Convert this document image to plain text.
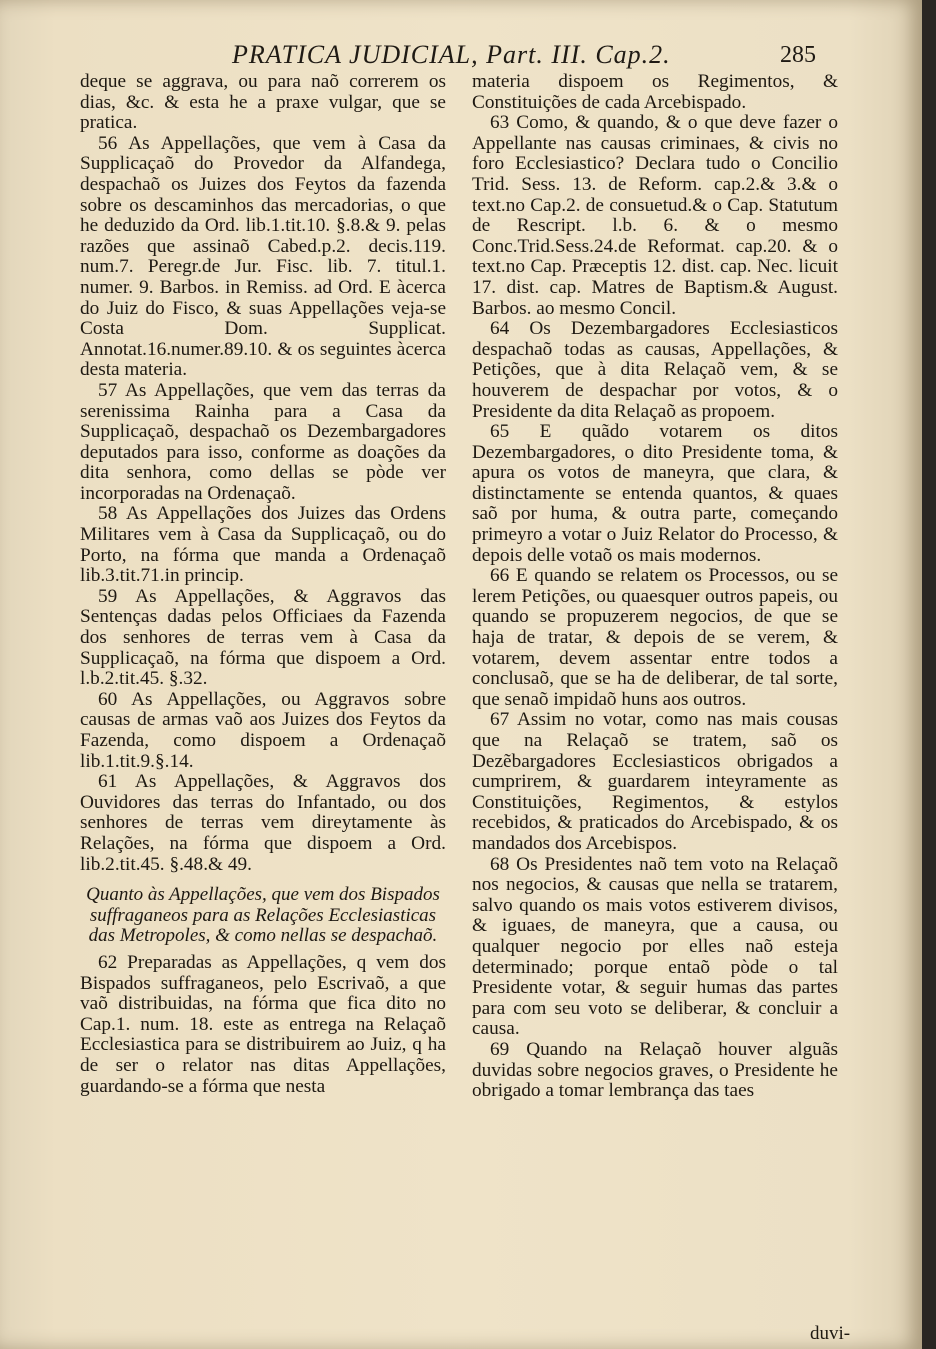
PRATICA JUDICIAL, Part. III. Cap.2.	285

deque se aggrava, ou para naõ correrem os dias, &c. & esta he a praxe vulgar, que se pratica.

56 As Appellações, que vem à Casa da Supplicaçaõ do Provedor da Alfandega, despachaõ os Juizes dos Feytos da fazenda sobre os descaminhos das mercadorias, o que he deduzido da Ord. lib.1.tit.10. §.8.& 9. pelas razões que assinaõ Cabed.p.2. decis.119. num.7. Peregr.de Jur. Fisc. lib. 7. titul.1. numer. 9. Barbos. in Remiss. ad Ord. E àcerca do Juiz do Fisco, & suas Appellações veja-se Costa Dom. Supplicat. Annotat.16.numer.89.10. & os seguintes àcerca desta materia.

57 As Appellações, que vem das terras da serenissima Rainha para a Casa da Supplicaçaõ, despachaõ os Dezembargadores deputados para isso, conforme as doações da dita senhora, como dellas se pòde ver incorporadas na Ordenaçaõ.

58 As Appellações dos Juizes das Ordens Militares vem à Casa da Supplicaçaõ, ou do Porto, na fórma que manda a Ordenaçaõ lib.3.tit.71.in princip.

59 As Appellações, & Aggravos das Sentenças dadas pelos Officiaes da Fazenda dos senhores de terras vem à Casa da Supplicaçaõ, na fórma que dispoem a Ord. l.b.2.tit.45. §.32.

60 As Appellações, ou Aggravos sobre causas de armas vaõ aos Juizes dos Feytos da Fazenda, como dispoem a Ordenaçaõ lib.1.tit.9.§.14.

61 As Appellações, & Aggravos dos Ouvidores das terras do Infantado, ou dos senhores de terras vem direytamente às Relações, na fórma que dispoem a Ord. lib.2.tit.45. §.48.& 49.

Quanto às Appellações, que vem dos Bispados suffraganeos para as Relações Ecclesiasticas das Metropoles, & como nellas se despachaõ.

62 Preparadas as Appellações, q vem dos Bispados suffraganeos, pelo Escrivaõ, a que vaõ distribuidas, na fórma que fica dito no Cap.1. num. 18. este as entrega na Relaçaõ Ecclesiastica para se distribuirem ao Juiz, q ha de ser o relator nas ditas Appellações, guardando-se a fórma que nesta

materia dispoem os Regimentos, & Constituições de cada Arcebispado.

63 Como, & quando, & o que deve fazer o Appellante nas causas criminaes, & civis no foro Ecclesiastico? Declara tudo o Concilio Trid. Sess. 13. de Reform. cap.2.& 3.& o text.no Cap.2. de consuetud.& o Cap. Statutum de Rescript. l.b. 6. & o mesmo Conc.Trid.Sess.24.de Reformat. cap.20. & o text.no Cap. Præceptis 12. dist. cap. Nec. licuit 17. dist. cap. Matres de Baptism.& August. Barbos. ao mesmo Concil.

64 Os Dezembargadores Ecclesiasticos despachaõ todas as causas, Appellações, & Petições, que à dita Relaçaõ vem, & se houverem de despachar por votos, & o Presidente da dita Relaçaõ as propoem.

65 E quãdo votarem os ditos Dezembargadores, o dito Presidente toma, & apura os votos de maneyra, que clara, & distinctamente se entenda quantos, & quaes saõ por huma, & outra parte, começando primeyro a votar o Juiz Relator do Processo, & depois delle votaõ os mais modernos.

66 E quando se relatem os Processos, ou se lerem Petições, ou quaesquer outros papeis, ou quando se propuzerem negocios, de que se haja de tratar, & depois de se verem, & votarem, devem assentar entre todos a conclusaõ, que se ha de deliberar, de tal sorte, que senaõ impidaõ huns aos outros.

67 Assim no votar, como nas mais cousas que na Relaçaõ se tratem, saõ os Dezẽbargadores Ecclesiasticos obrigados a cumprirem, & guardarem inteyramente as Constituições, Regimentos, & estylos recebidos, & praticados do Arcebispado, & os mandados dos Arcebispos.

68 Os Presidentes naõ tem voto na Relaçaõ nos negocios, & causas que nella se tratarem, salvo quando os mais votos estiverem divisos, & iguaes, de maneyra, que a causa, ou qualquer negocio por elles naõ esteja determinado; porque entaõ pòde o tal Presidente votar, & seguir humas das partes para com seu voto se deliberar, & concluir a causa.

69 Quando na Relaçaõ houver alguãs duvidas sobre negocios graves, o Presidente he obrigado a tomar lembrança das taes

duvi-
